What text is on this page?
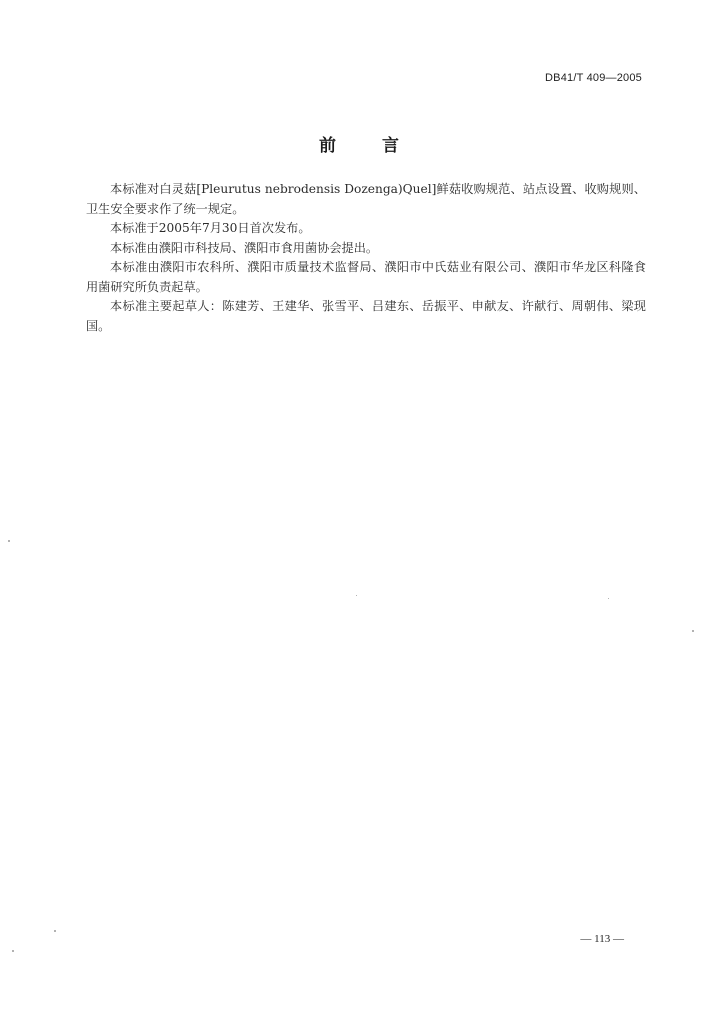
DB41/T 409—2005
前言

本标准对白灵菇[Pleurutus nebrodensis Dozenga)Quel]鲜菇收购规范、站点设置、收购规则、卫生安全要求作了统一规定。

本标准于2005年7月30日首次发布。

本标准由濮阳市科技局、濮阳市食用菌协会提出。

本标准由濮阳市农科所、濮阳市质量技术监督局、濮阳市中氏菇业有限公司、濮阳市华龙区科隆食用菌研究所负责起草。

本标准主要起草人：陈建芳、王建华、张雪平、吕建东、岳振平、申献友、许献行、周朝伟、梁现国。

— 113 —
